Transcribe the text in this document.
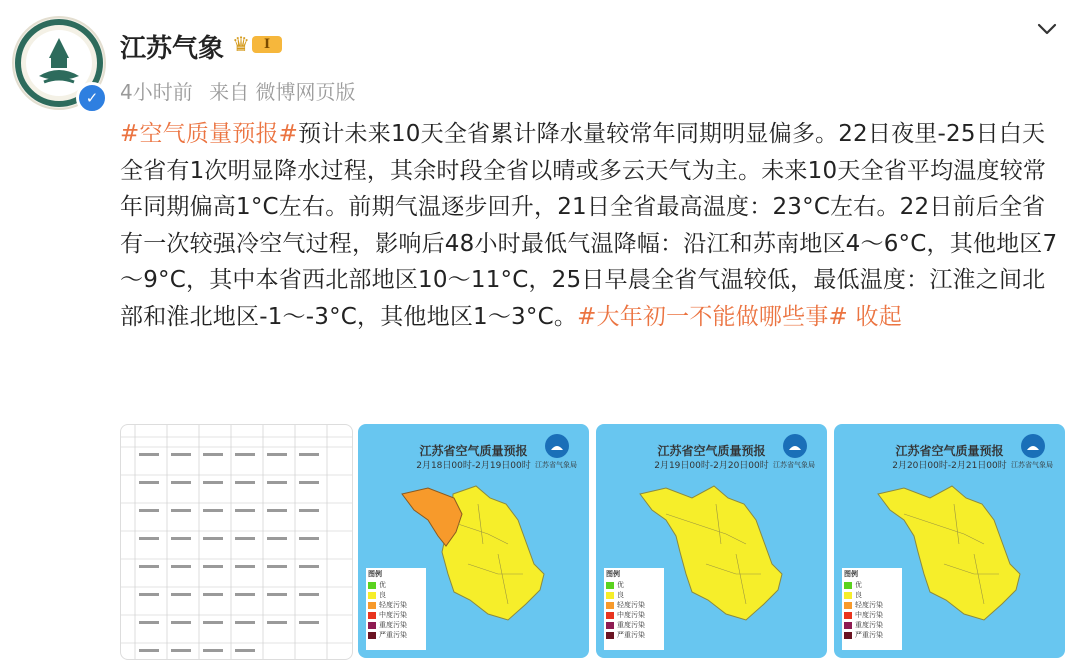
✓
江苏气象 ♛	I
4小时前 来自 微博网页版
#空气质量预报#预计未来10天全省累计降水量较常年同期明显偏多。22日夜里-25日白天全省有1次明显降水过程，其余时段全省以晴或多云天气为主。未来10天全省平均温度较常年同期偏高1°C左右。前期气温逐步回升，21日全省最高温度：23°C左右。22日前后全省有一次较强冷空气过程，影响后48小时最低气温降幅：沿江和苏南地区4～6°C，其他地区7～9°C，其中本省西北部地区10～11°C，25日早晨全省气温较低，最低温度：江淮之间北部和淮北地区-1～-3°C，其他地区1～3°C。#大年初一不能做哪些事# 收起
江苏省空气质量预报
2月18日00时-2月19日00时 江苏省气象局
图例
优
良
轻度污染
中度污染
重度污染
严重污染
江苏省空气质量预报
2月19日00时-2月20日00时 江苏省气象局
图例
优
良
轻度污染
中度污染
重度污染
严重污染
江苏省空气质量预报
2月20日00时-2月21日00时 江苏省气象局
图例
优
良
轻度污染
中度污染
重度污染
严重污染
